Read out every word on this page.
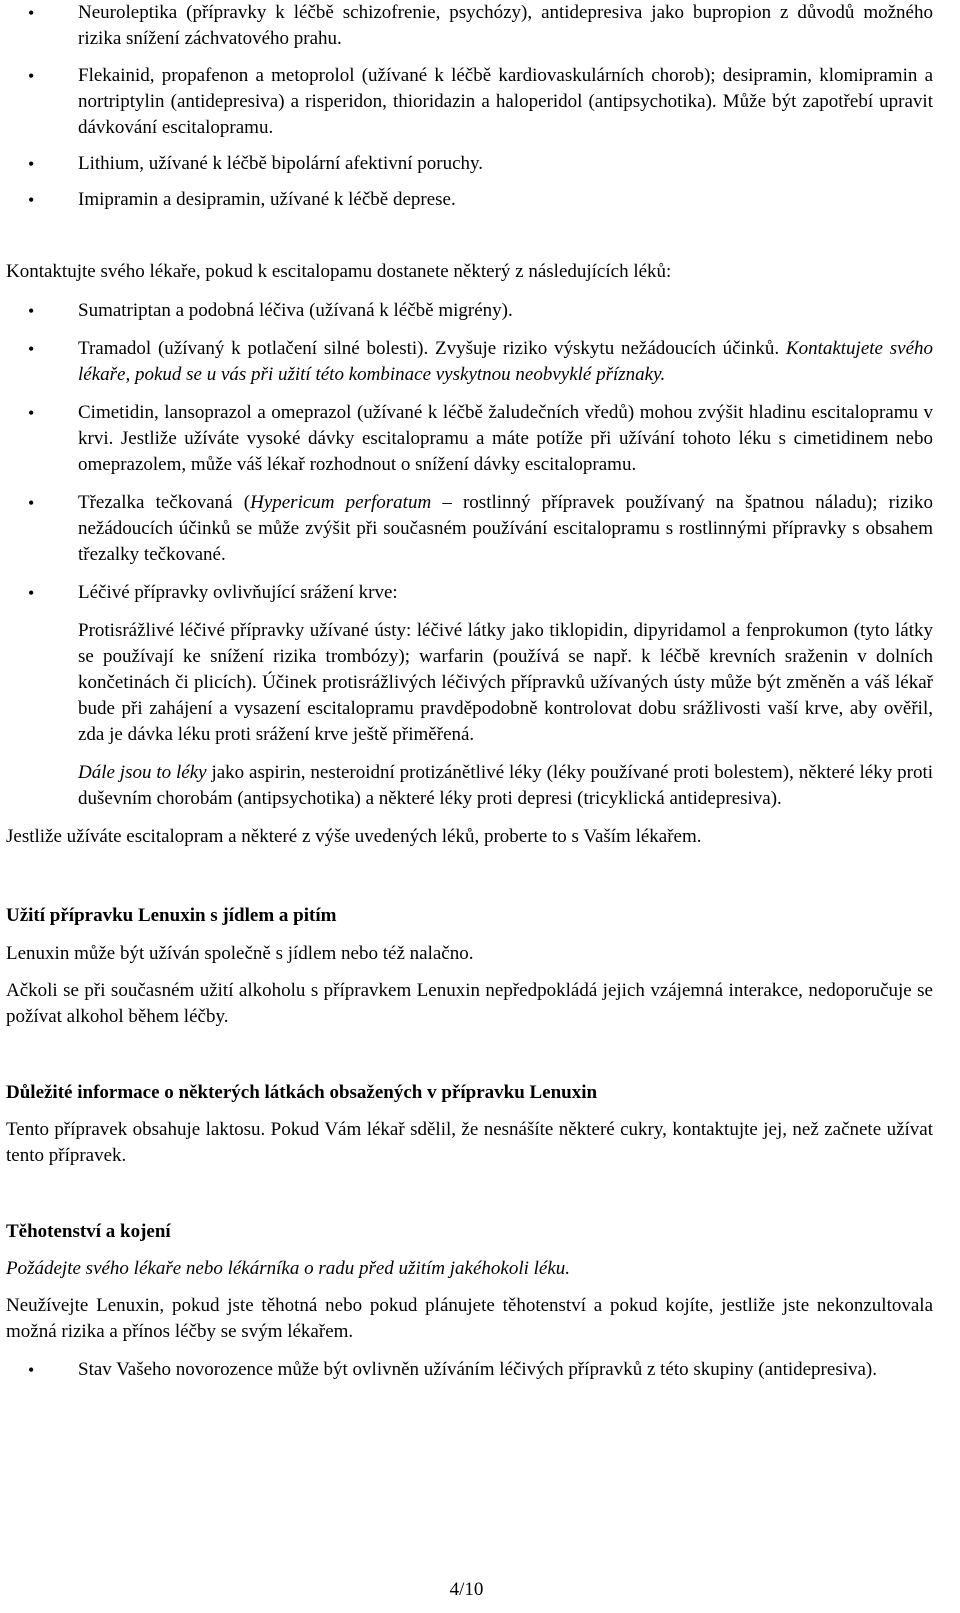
•	Neuroleptika (přípravky k léčbě schizofrenie, psychózy), antidepresiva jako bupropion z důvodů možného rizika snížení záchvatového prahu.
•	Flekainid, propafenon a metoprolol (užívané k léčbě kardiovaskulárních chorob); desipramin, klomipramin a nortriptylin (antidepresiva) a risperidon, thioridazin a haloperidol (antipsychotika). Může být zapotřebí upravit dávkování escitalopramu.
•	Lithium, užívané k léčbě bipolární afektivní poruchy.
•	Imipramin a desipramin, užívané k léčbě deprese.

Kontaktujte svého lékaře, pokud k escitalopamu dostanete některý z následujících léků:

•	Sumatriptan a podobná léčiva (užívaná k léčbě migrény).
•	Tramadol (užívaný k potlačení silné bolesti). Zvyšuje riziko výskytu nežádoucích účinků. Kontaktujete svého lékaře, pokud se u vás při užití této kombinace vyskytnou neobvyklé příznaky.
•	Cimetidin, lansoprazol a omeprazol (užívané k léčbě žaludečních vředů) mohou zvýšit hladinu escitalopramu v krvi. Jestliže užíváte vysoké dávky escitalopramu a máte potíže při užívání tohoto léku s cimetidinem nebo omeprazolem, může váš lékař rozhodnout o snížení dávky escitalopramu.
•	Třezalka tečkovaná (Hypericum perforatum – rostlinný přípravek používaný na špatnou náladu); riziko nežádoucích účinků se může zvýšit při současném používání escitalopramu s rostlinnými přípravky s obsahem třezalky tečkované.
•	Léčivé přípravky ovlivňující srážení krve:

Protisrážlivé léčivé přípravky užívané ústy: léčivé látky jako tiklopidin, dipyridamol a fenprokumon (tyto látky se používají ke snížení rizika trombózy); warfarin (používá se např. k léčbě krevních sraženin v dolních končetinách či plicích). Účinek protisrážlivých léčivých přípravků užívaných ústy může být změněn a váš lékař bude při zahájení a vysazení escitalopramu pravděpodobně kontrolovat dobu srážlivosti vaší krve, aby ověřil, zda je dávka léku proti srážení krve ještě přiměřená.

Dále jsou to léky jako aspirin, nesteroidní protizánětlivé léky (léky používané proti bolestem), některé léky proti duševním chorobám (antipsychotika) a některé léky proti depresi (tricyklická antidepresiva).

Jestliže užíváte escitalopram a některé z výše uvedených léků, proberte to s Vaším lékařem.

Užití přípravku Lenuxin s jídlem a pitím

Lenuxin může být užíván společně s jídlem nebo též nalačno.

Ačkoli se při současném užití alkoholu s přípravkem Lenuxin nepředpokládá jejich vzájemná interakce, nedoporučuje se požívat alkohol během léčby.

Důležité informace o některých látkách obsažených v přípravku Lenuxin

Tento přípravek obsahuje laktosu. Pokud Vám lékař sdělil, že nesnášíte některé cukry, kontaktujte jej, než začnete užívat tento přípravek.

Těhotenství a kojení

Požádejte svého lékaře nebo lékárníka o radu před užitím jakéhokoli léku.

Neužívejte Lenuxin, pokud jste těhotná nebo pokud plánujete těhotenství a pokud kojíte, jestliže jste nekonzultovala možná rizika a přínos léčby se svým lékařem.

•	Stav Vašeho novorozence může být ovlivněn užíváním léčivých přípravků z této skupiny (antidepresiva).
4/10
